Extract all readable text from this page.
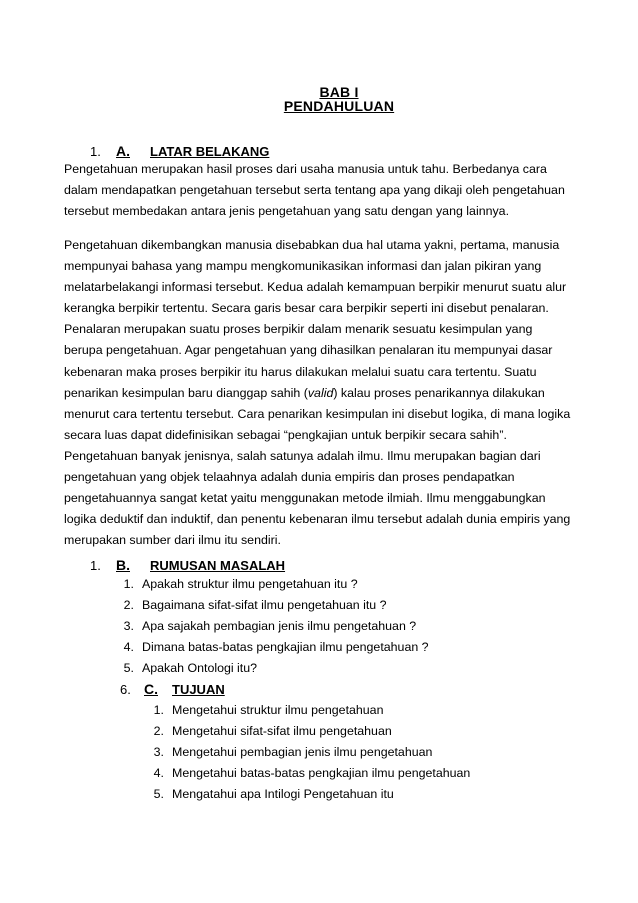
BAB I
PENDAHULUAN
1.	A.	LATAR BELAKANG
Pengetahuan merupakan hasil proses dari usaha manusia untuk tahu. Berbedanya cara
dalam mendapatkan pengetahuan tersebut serta tentang apa yang dikaji oleh pengetahuan
tersebut membedakan antara jenis pengetahuan yang satu dengan yang lainnya.
Pengetahuan dikembangkan manusia disebabkan dua hal utama yakni, pertama, manusia
mempunyai bahasa yang mampu mengkomunikasikan informasi dan jalan pikiran yang
melatarbelakangi informasi tersebut. Kedua adalah kemampuan berpikir menurut suatu alur
kerangka berpikir tertentu. Secara garis besar cara berpikir seperti ini disebut penalaran.
Penalaran merupakan suatu proses berpikir dalam menarik sesuatu kesimpulan yang
berupa pengetahuan. Agar pengetahuan yang dihasilkan penalaran itu mempunyai dasar
kebenaran maka proses berpikir itu harus dilakukan melalui suatu cara tertentu. Suatu
penarikan kesimpulan baru dianggap sahih (valid) kalau proses penarikannya dilakukan
menurut cara tertentu tersebut. Cara penarikan kesimpulan ini disebut logika, di mana logika
secara luas dapat didefinisikan sebagai “pengkajian untuk berpikir secara sahih”.
Pengetahuan banyak jenisnya, salah satunya adalah ilmu. Ilmu merupakan bagian dari
pengetahuan yang objek telaahnya adalah dunia empiris dan proses pendapatkan
pengetahuannya sangat ketat yaitu menggunakan metode ilmiah. Ilmu menggabungkan
logika deduktif dan induktif, dan penentu kebenaran ilmu tersebut adalah dunia empiris yang
merupakan sumber dari ilmu itu sendiri.
1.	B.	RUMUSAN MASALAH
1. Apakah struktur ilmu pengetahuan itu ?
2. Bagaimana sifat-sifat ilmu pengetahuan itu ?
3. Apa sajakah pembagian jenis ilmu pengetahuan ?
4. Dimana batas-batas pengkajian ilmu pengetahuan ?
5. Apakah Ontologi itu?
6. C.	TUJUAN
1. Mengetahui struktur ilmu pengetahuan
2. Mengetahui sifat-sifat ilmu pengetahuan
3. Mengetahui pembagian jenis ilmu pengetahuan
4. Mengetahui batas-batas pengkajian ilmu pengetahuan
5. Mengatahui apa Intilogi Pengetahuan itu
